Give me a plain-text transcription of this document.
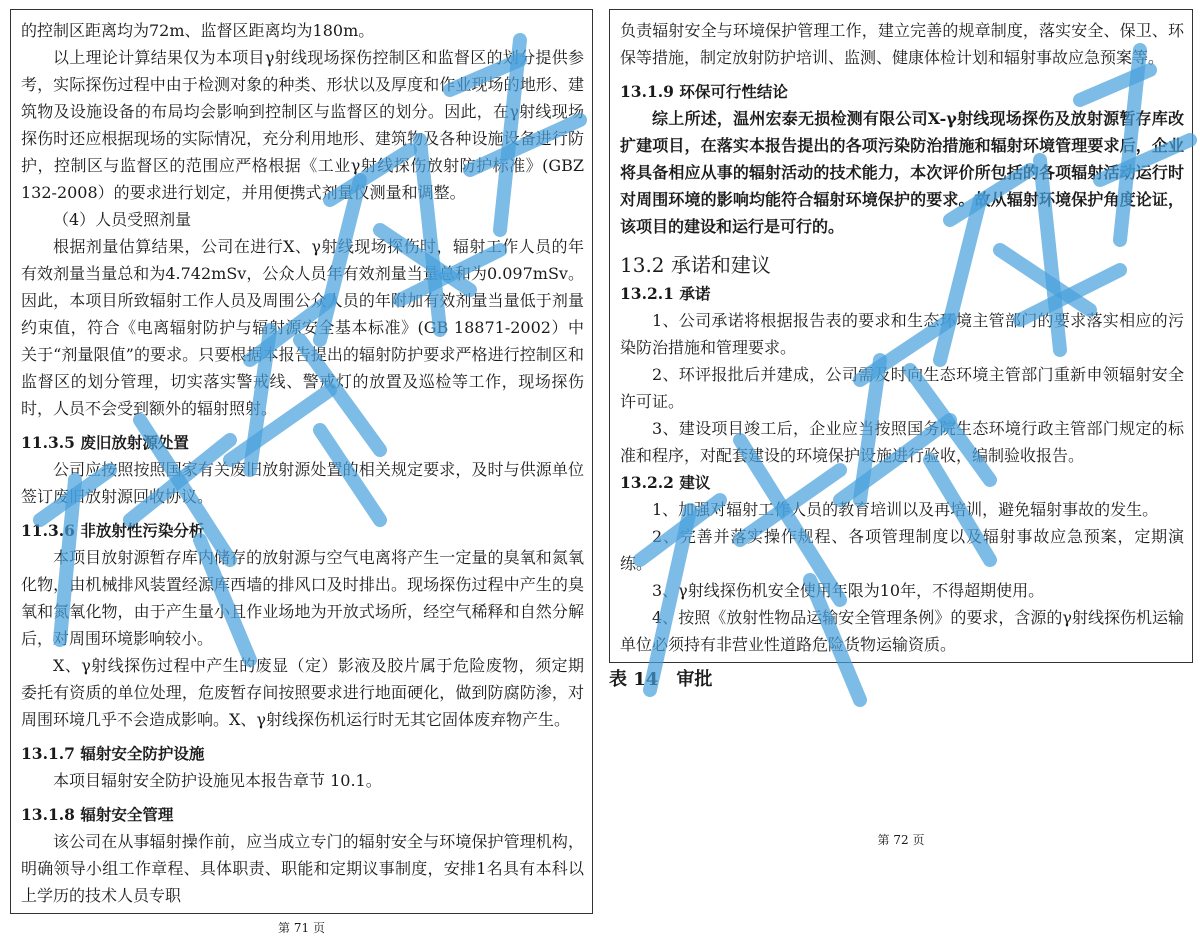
的控制区距离均为72m、监督区距离均为180m。

以上理论计算结果仅为本项目γ射线现场探伤控制区和监督区的划分提供参考，实际探伤过程中由于检测对象的种类、形状以及厚度和作业现场的地形、建筑物及设施设备的布局均会影响到控制区与监督区的划分。因此，在γ射线现场探伤时还应根据现场的实际情况，充分利用地形、建筑物及各种设施设备进行防护，控制区与监督区的范围应严格根据《工业γ射线探伤放射防护标准》(GBZ 132-2008）的要求进行划定，并用便携式剂量仪测量和调整。

（4）人员受照剂量

根据剂量估算结果，公司在进行X、γ射线现场探伤时，辐射工作人员的年有效剂量当量总和为4.742mSv，公众人员年有效剂量当量总和为0.097mSv。因此，本项目所致辐射工作人员及周围公众人员的年附加有效剂量当量低于剂量约束值，符合《电离辐射防护与辐射源安全基本标准》(GB 18871-2002）中关于“剂量限值”的要求。只要根据本报告提出的辐射防护要求严格进行控制区和监督区的划分管理，切实落实警戒线、警戒灯的放置及巡检等工作，现场探伤时，人员不会受到额外的辐射照射。

11.3.5 废旧放射源处置

公司应按照按照国家有关废旧放射源处置的相关规定要求，及时与供源单位签订废旧放射源回收协议。

11.3.6 非放射性污染分析

本项目放射源暂存库内储存的放射源与空气电离将产生一定量的臭氧和氮氧化物，由机械排风装置经源库西墙的排风口及时排出。现场探伤过程中产生的臭氧和氮氧化物，由于产生量小且作业场地为开放式场所，经空气稀释和自然分解后，对周围环境影响较小。

X、γ射线探伤过程中产生的废显（定）影液及胶片属于危险废物，须定期委托有资质的单位处理，危废暂存间按照要求进行地面硬化，做到防腐防渗，对周围环境几乎不会造成影响。X、γ射线探伤机运行时无其它固体废弃物产生。

13.1.7 辐射安全防护设施

本项目辐射安全防护设施见本报告章节 10.1。

13.1.8 辐射安全管理

该公司在从事辐射操作前，应当成立专门的辐射安全与环境保护管理机构，明确领导小组工作章程、具体职责、职能和定期议事制度，安排1名具有本科以上学历的技术人员专职

第 71 页

负责辐射安全与环境保护管理工作，建立完善的规章制度，落实安全、保卫、环保等措施，制定放射防护培训、监测、健康体检计划和辐射事故应急预案等。

13.1.9 环保可行性结论

综上所述，温州宏泰无损检测有限公司X-γ射线现场探伤及放射源暂存库改扩建项目，在落实本报告提出的各项污染防治措施和辐射环境管理要求后，企业将具备相应从事的辐射活动的技术能力，本次评价所包括的各项辐射活动运行时对周围环境的影响均能符合辐射环境保护的要求。故从辐射环境保护角度论证，该项目的建设和运行是可行的。

13.2 承诺和建议
13.2.1 承诺

1、公司承诺将根据报告表的要求和生态环境主管部门的要求落实相应的污染防治措施和管理要求。

2、环评报批后并建成，公司需及时向生态环境主管部门重新申领辐射安全许可证。

3、建设项目竣工后，企业应当按照国务院生态环境行政主管部门规定的标准和程序，对配套建设的环境保护设施进行验收，编制验收报告。

13.2.2 建议

1、加强对辐射工作人员的教育培训以及再培训，避免辐射事故的发生。

2、完善并落实操作规程、各项管理制度以及辐射事故应急预案，定期演练。

3、γ射线探伤机安全使用年限为10年，不得超期使用。

4、按照《放射性物品运输安全管理条例》的要求，含源的γ射线探伤机运输单位必须持有非营业性道路危险货物运输资质。

表 14　审批
第 72 页
